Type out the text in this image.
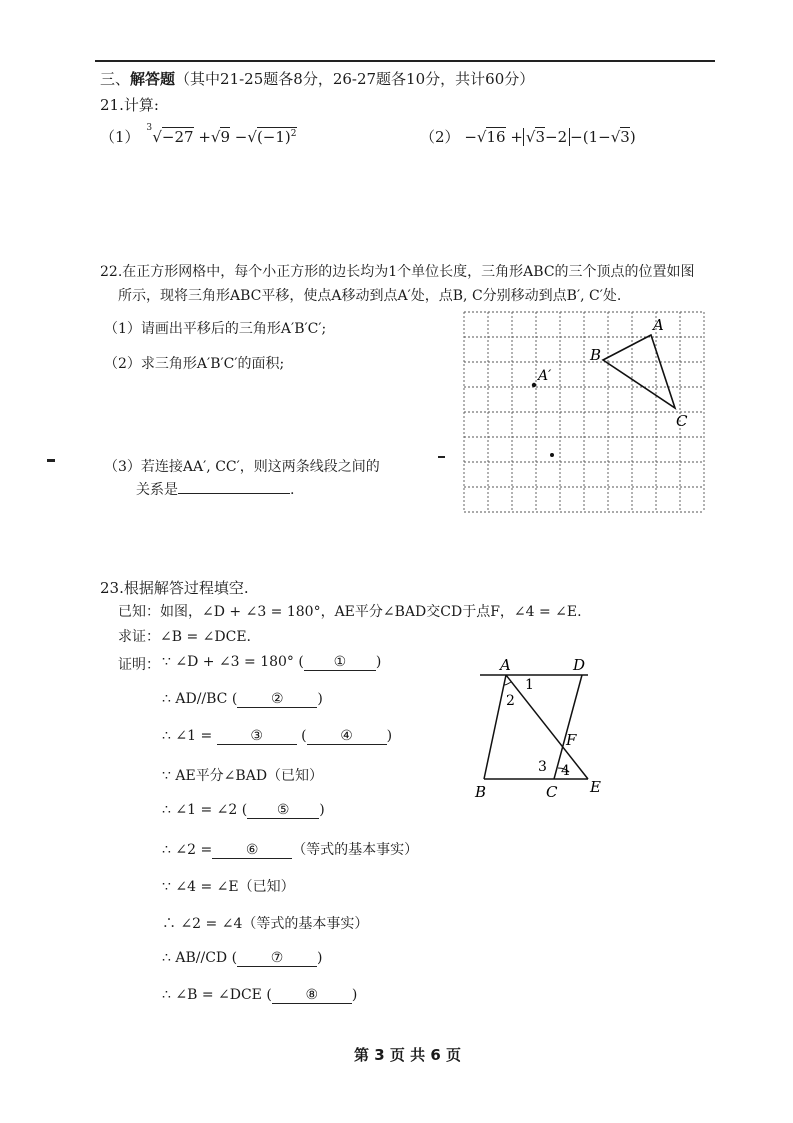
三、解答题（其中21-25题各8分，26-27题各10分，共计60分）
21.计算:
（1） 3 $√-27 +√9 -√(-1)^2$	（2） −√16 + √3−2 −(1−√3)
22.在正方形网格中，每个小正方形的边长均为1个单位长度，三角形ABC的三个顶点的位置如图
所示，现将三角形ABC平移，使点A移动到点A′处，点B, C分别移动到点B′, C′处.
（1）请画出平移后的三角形A′B′C′;
（2）求三角形A′B′C′的面积;
（3）若连接AA′, CC′，则这两条线段之间的
关系是	.
A
B
C
A′
23.根据解答过程填空.
已知：如图，∠D + ∠3 = 180°，AE平分∠BAD交CD于点F，∠4 = ∠E.
求证：∠B = ∠DCE.
证明： ∵ ∠D + ∠3 = 180° ( ① )
∴ AD//BC ( ② )
∴ ∠1 =	③	( ④ )
∵ AE平分∠BAD（已知）
∴ ∠1 = ∠2 ( ⑤ )
∴ ∠2 = ⑥ （等式的基本事实）
∵ ∠4 = ∠E（已知）
∴ ∠2 = ∠4（等式的基本事实）
∴ AB//CD ( ⑦ )
∴ ∠B = ∠DCE ( ⑧ )
A	D
1
2
F
3 4
B	C E
第 3 页 共 6 页
